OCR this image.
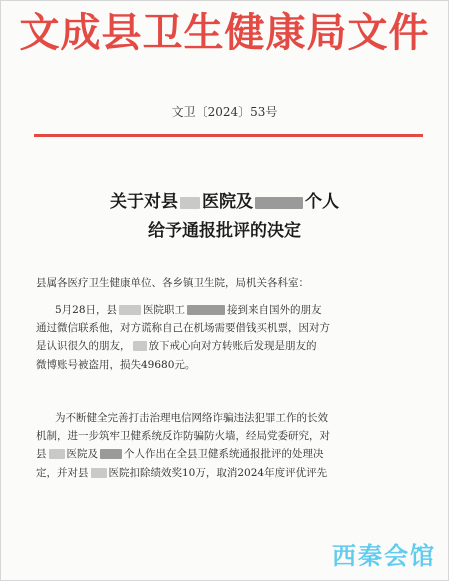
文成县卫生健康局文件
文卫〔2024〕53号
关于对县 医院及	个人
给予通报批评的决定
县属各医疗卫生健康单位、各乡镇卫生院，局机关各科室：
5月28日，县 医院职工	接到来自国外的朋友
通过微信联系他，对方谎称自己在机场需要借钱买机票，因对方
是认识很久的朋友， 放下戒心向对方转账后发现是朋友的
微博账号被盗用，损失49680元。
为不断健全完善打击治理电信网络诈骗违法犯罪工作的长效
机制，进一步筑牢卫健系统反诈防骗防火墙，经局党委研究，对
县 医院及 个人作出在全县卫健系统通报批评的处理决
定，并对县 医院扣除绩效奖10万，取消2024年度评优评先
西秦会馆
